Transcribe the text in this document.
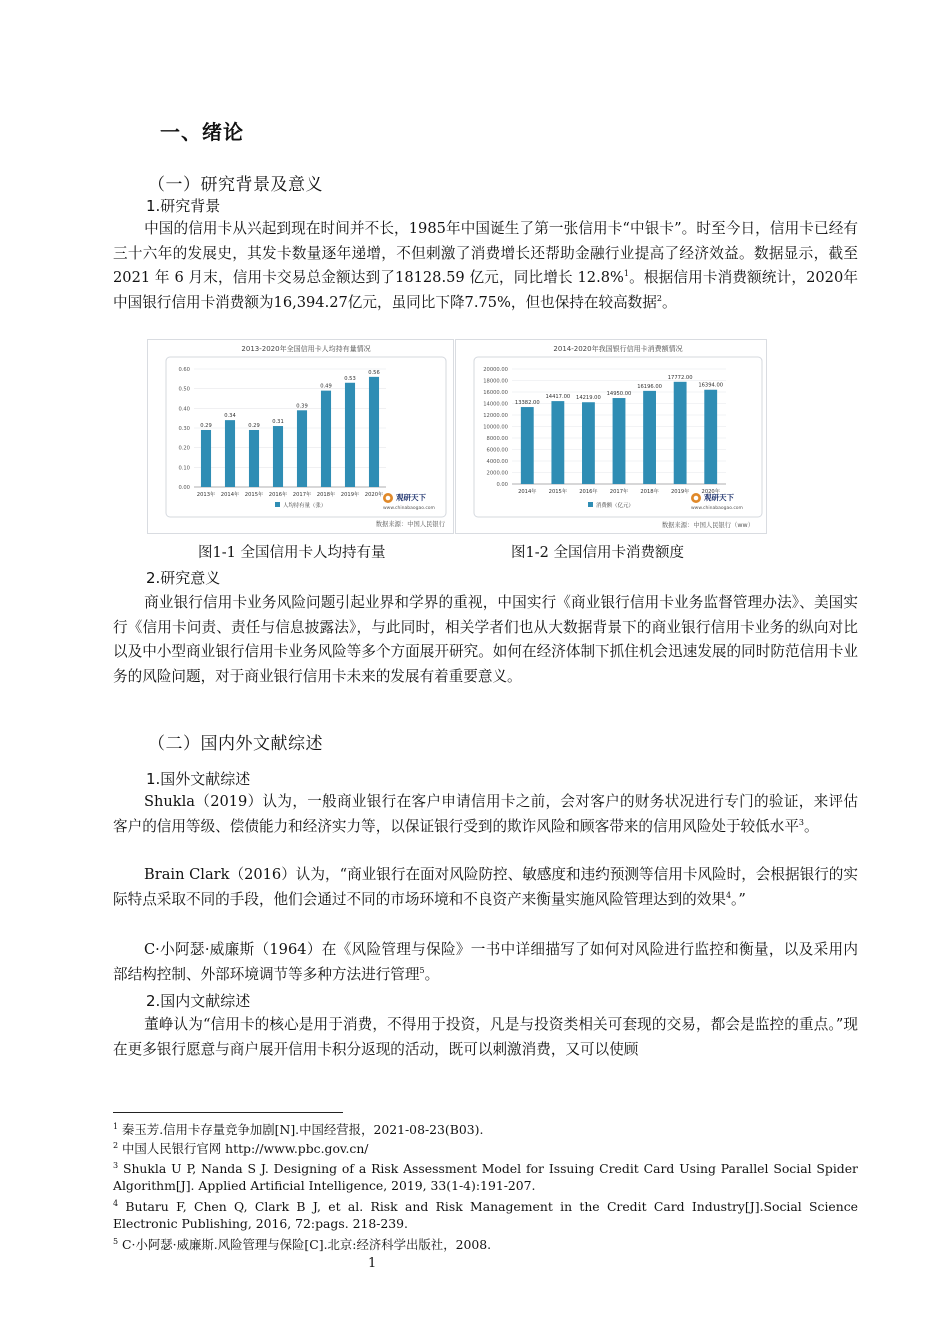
一、绪论
（一）研究背景及意义
1.研究背景

中国的信用卡从兴起到现在时间并不长，1985年中国诞生了第一张信用卡“中银卡”。时至今日，信用卡已经有三十六年的发展史，其发卡数量逐年递增，不但刺激了消费增长还帮助金融行业提高了经济效益。数据显示，截至 2021 年 6 月末，信用卡交易总金额达到了18128.59 亿元，同比增长 12.8%$^1$。根据信用卡消费额统计，2020年中国银行信用卡消费额为16,394.27亿元，虽同比下降7.75%，但也保持在较高数据$^2$。

2013-2020年全国信用卡人均持有量情况
0.00
0.10
0.20
0.30
0.40
0.50
0.60
0.29
2013年
0.34
2014年
0.29
2015年
0.31
2016年
0.39
2017年
0.49
2018年
0.53
2019年
0.56
2020年
人均持有量（张）
观研天下
www.chinabaogao.com
数据来源：中国人民银行
2014-2020年我国银行信用卡消费额情况
0.00
2000.00
4000.00
6000.00
8000.00
10000.00
12000.00
14000.00
16000.00
18000.00
20000.00
13382.00
2014年
14417.00
2015年
14219.00
2016年
14950.00
2017年
16196.00
2018年
17772.00
2019年
16394.00
2020年
消费额（亿元）
观研天下
www.chinabaogao.com
数据来源：中国人民银行（ww）
图1-1 全国信用卡人均持有量	图1-2 全国信用卡消费额度
2.研究意义

商业银行信用卡业务风险问题引起业界和学界的重视，中国实行《商业银行信用卡业务监督管理办法》、美国实行《信用卡问责、责任与信息披露法》，与此同时，相关学者们也从大数据背景下的商业银行信用卡业务的纵向对比以及中小型商业银行信用卡业务风险等多个方面展开研究。如何在经济体制下抓住机会迅速发展的同时防范信用卡业务的风险问题，对于商业银行信用卡未来的发展有着重要意义。

（二）国内外文献综述
1.国外文献综述

Shukla（2019）认为，一般商业银行在客户申请信用卡之前，会对客户的财务状况进行专门的验证，来评估客户的信用等级、偿债能力和经济实力等，以保证银行受到的欺诈风险和顾客带来的信用风险处于较低水平$^3$。

Brain Clark（2016）认为，“商业银行在面对风险防控、敏感度和违约预测等信用卡风险时，会根据银行的实际特点采取不同的手段，他们会通过不同的市场环境和不良资产来衡量实施风险管理达到的效果$^4$。”

C·小阿瑟·威廉斯（1964）在《风险管理与保险》一书中详细描写了如何对风险进行监控和衡量，以及采用内部结构控制、外部环境调节等多种方法进行管理$^5$。

2.国内文献综述

董峥认为“信用卡的核心是用于消费，不得用于投资，凡是与投资类相关可套现的交易，都会是监控的重点。”现在更多银行愿意与商户展开信用卡积分返现的活动，既可以刺激消费，又可以使顾

$^1$ 秦玉芳.信用卡存量竞争加剧[N].中国经营报，2021-08-23(B03).
$^2$ 中国人民银行官网 http://www.pbc.gov.cn/
$^3$ Shukla U P, Nanda S J. Designing of a Risk Assessment Model for Issuing Credit Card Using Parallel Social Spider Algorithm[J]. Applied Artificial Intelligence, 2019, 33(1-4):191-207.
$^4$ Butaru F, Chen Q, Clark B J, et al. Risk and Risk Management in the Credit Card Industry[J].Social Science Electronic Publishing, 2016, 72:pags. 218-239.
$^5$ C·小阿瑟·威廉斯.风险管理与保险[C].北京:经济科学出版社，2008.
1
